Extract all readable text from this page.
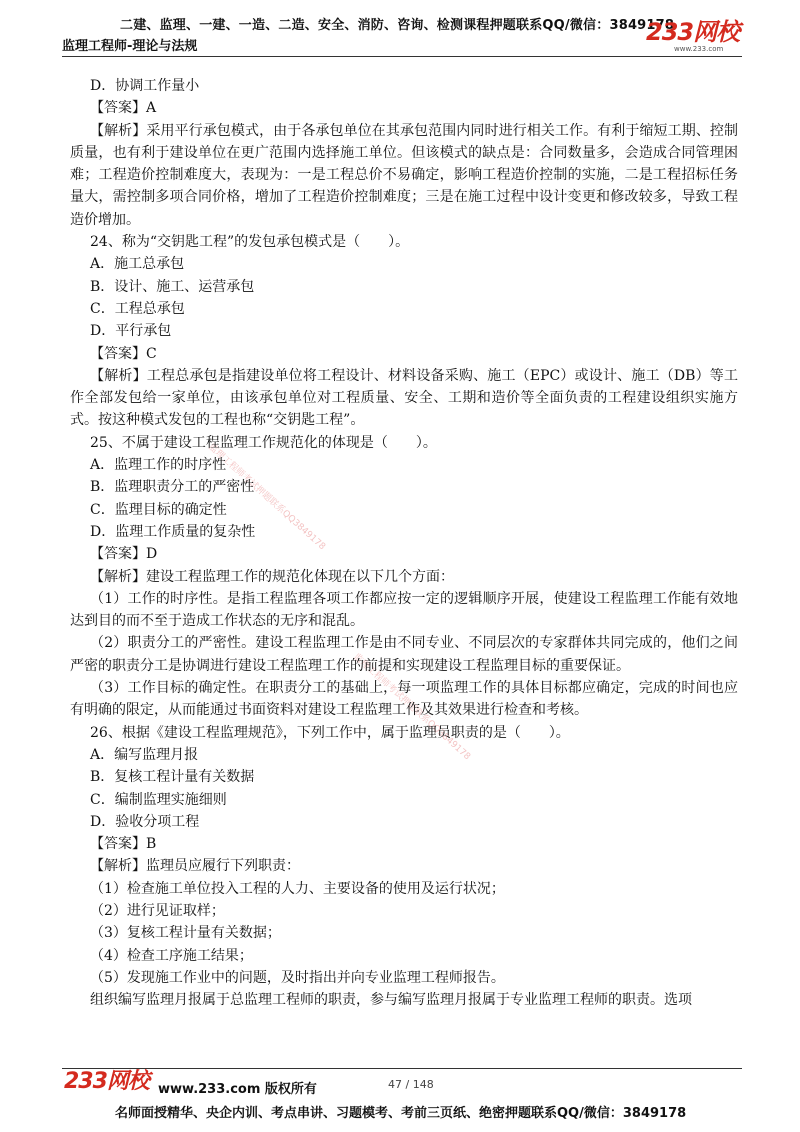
二建、监理、一建、一造、二造、安全、消防、咨询、检测课程押题联系QQ/微信：3849178
监理工程师-理论与法规
233网校
www.233.com
监理工程师考试押题联系QQ3849178
监理工程师考试押题联系QQ3849178

D．协调工作量小

【答案】A

【解析】采用平行承包模式，由于各承包单位在其承包范围内同时进行相关工作。有利于缩短工期、控制质量，也有利于建设单位在更广范围内选择施工单位。但该模式的缺点是：合同数量多，会造成合同管理困难；工程造价控制难度大，表现为：一是工程总价不易确定，影响工程造价控制的实施，二是工程招标任务量大，需控制多项合同价格，增加了工程造价控制难度；三是在施工过程中设计变更和修改较多，导致工程造价增加。

24、称为“交钥匙工程”的发包承包模式是（　　）。

A．施工总承包

B．设计、施工、运营承包

C．工程总承包

D．平行承包

【答案】C

【解析】工程总承包是指建设单位将工程设计、材料设备采购、施工（EPC）或设计、施工（DB）等工作全部发包给一家单位，由该承包单位对工程质量、安全、工期和造价等全面负责的工程建设组织实施方式。按这种模式发包的工程也称“交钥匙工程”。

25、不属于建设工程监理工作规范化的体现是（　　）。

A．监理工作的时序性

B．监理职责分工的严密性

C．监理目标的确定性

D．监理工作质量的复杂性

【答案】D

【解析】建设工程监理工作的规范化体现在以下几个方面：

（1）工作的时序性。是指工程监理各项工作都应按一定的逻辑顺序开展，使建设工程监理工作能有效地达到目的而不至于造成工作状态的无序和混乱。

（2）职责分工的严密性。建设工程监理工作是由不同专业、不同层次的专家群体共同完成的，他们之间严密的职责分工是协调进行建设工程监理工作的前提和实现建设工程监理目标的重要保证。

（3）工作目标的确定性。在职责分工的基础上，每一项监理工作的具体目标都应确定，完成的时间也应有明确的限定，从而能通过书面资料对建设工程监理工作及其效果进行检查和考核。

26、根据《建设工程监理规范》，下列工作中，属于监理员职责的是（　　）。

A．编写监理月报

B．复核工程计量有关数据

C．编制监理实施细则

D．验收分项工程

【答案】B

【解析】监理员应履行下列职责：

（1）检查施工单位投入工程的人力、主要设备的使用及运行状况；

（2）进行见证取样；

（3）复核工程计量有关数据；

（4）检查工序施工结果；

（5）发现施工作业中的问题，及时指出并向专业监理工程师报告。

组织编写监理月报属于总监理工程师的职责，参与编写监理月报属于专业监理工程师的职责。选项

233网校 www.233.com 版权所有	47 / 148
名师面授精华、央企内训、考点串讲、习题模考、考前三页纸、绝密押题联系QQ/微信：3849178
